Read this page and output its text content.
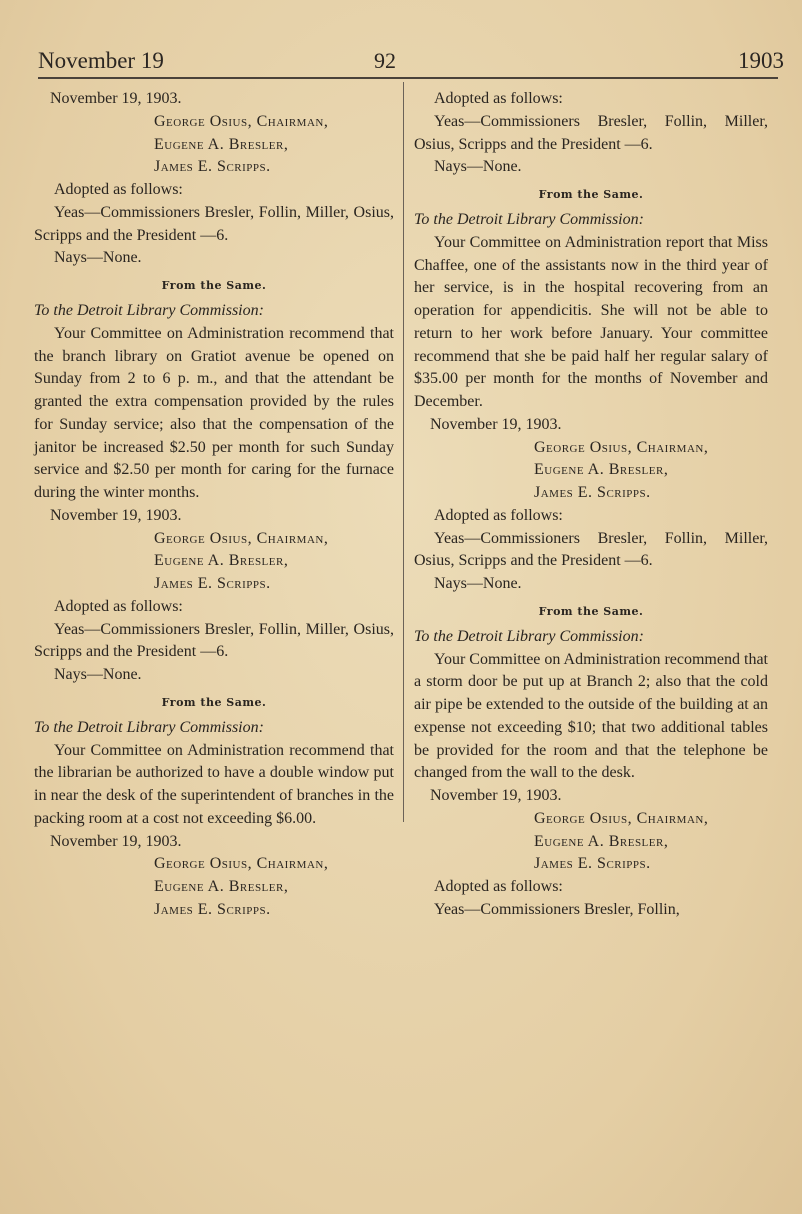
November 19	92	1903
November 19, 1903.
George Osius, Chairman,
Eugene A. Bresler,
James E. Scripps.
Adopted as follows:
Yeas—Commissioners Bresler, Follin, Miller, Osius, Scripps and the President —6.
Nays—None.
From the Same.
To the Detroit Library Commission:
Your Committee on Administration recommend that the branch library on Gratiot avenue be opened on Sunday from 2 to 6 p. m., and that the attendant be granted the extra compensation provided by the rules for Sunday service; also that the compensation of the janitor be increased $2.50 per month for such Sunday service and $2.50 per month for caring for the furnace during the winter months.
November 19, 1903.
George Osius, Chairman,
Eugene A. Bresler,
James E. Scripps.
Adopted as follows:
Yeas—Commissioners Bresler, Follin, Miller, Osius, Scripps and the President —6.
Nays—None.
From the Same.
To the Detroit Library Commission:
Your Committee on Administration recommend that the librarian be authorized to have a double window put in near the desk of the superintendent of branches in the packing room at a cost not exceeding $6.00.
November 19, 1903.
George Osius, Chairman,
Eugene A. Bresler,
James E. Scripps.
Adopted as follows:
Yeas—Commissioners Bresler, Follin, Miller, Osius, Scripps and the President —6.
Nays—None.
From the Same.
To the Detroit Library Commission:
Your Committee on Administration report that Miss Chaffee, one of the assistants now in the third year of her service, is in the hospital recovering from an operation for appendicitis. She will not be able to return to her work before January. Your committee recommend that she be paid half her regular salary of $35.00 per month for the months of November and December.
November 19, 1903.
George Osius, Chairman,
Eugene A. Bresler,
James E. Scripps.
Adopted as follows:
Yeas—Commissioners Bresler, Follin, Miller, Osius, Scripps and the President —6.
Nays—None.
From the Same.
To the Detroit Library Commission:
Your Committee on Administration recommend that a storm door be put up at Branch 2; also that the cold air pipe be extended to the outside of the building at an expense not exceeding $10; that two additional tables be provided for the room and that the telephone be changed from the wall to the desk.
November 19, 1903.
George Osius, Chairman,
Eugene A. Bresler,
James E. Scripps.
Adopted as follows:
Yeas—Commissioners Bresler, Follin,
